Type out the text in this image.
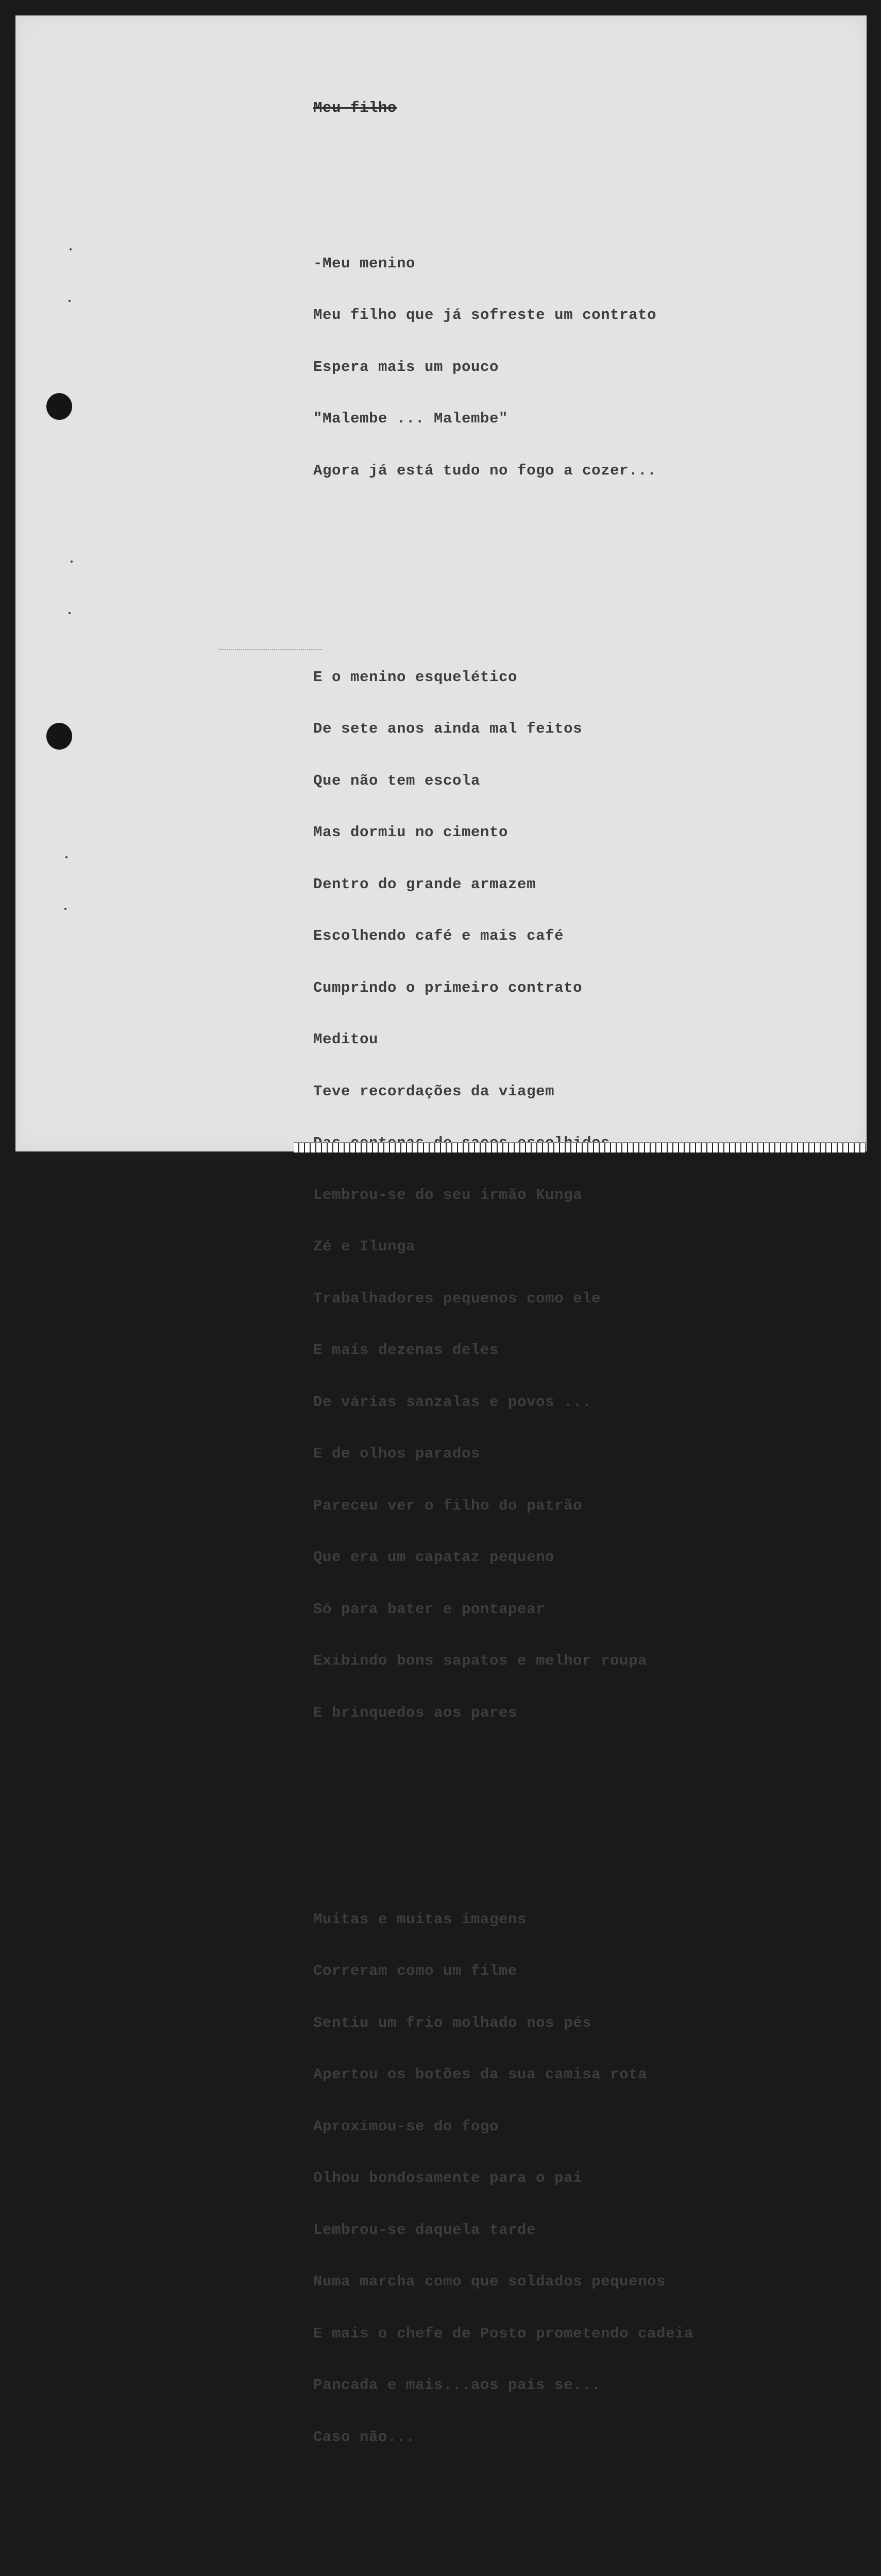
Meu filho

-Meu menino

Meu filho que já sofreste um contrato

Espera mais um pouco

"Malembe ... Malembe"

Agora já está tudo no fogo a cozer...

E o menino esquelético

De sete anos ainda mal feitos

Que não tem escola

Mas dormiu no cimento

Dentro do grande armazem

Escolhendo café e mais café

Cumprindo o primeiro contrato

Meditou

Teve recordações da viagem

Lembrou-se do seu irmão Kunga

Zé e Ilunga

Trabalhadores pequenos como ele

E mais dezenas deles

De várias sanzalas e povos ...

E de olhos parados

Pareceu ver o filho do patrão

Que era um capataz pequeno

Só para bater e pontapear

Exibindo bons sapatos e melhor roupa

E brinquedos aos pares

Muitas e muitas imagens

Correram como um filme

Sentiu um frio molhado nos pés

Apertou os botões da sua camisa rota

Aproximou-se do fogo

Olhou bondosamente para o pai

Lembrou-se daquela tarde

Numa marcha como que soldados pequenos

E mais o chefe de Posto prometendo cadeia

Pancada e mais...aos pais se...

Caso não...
